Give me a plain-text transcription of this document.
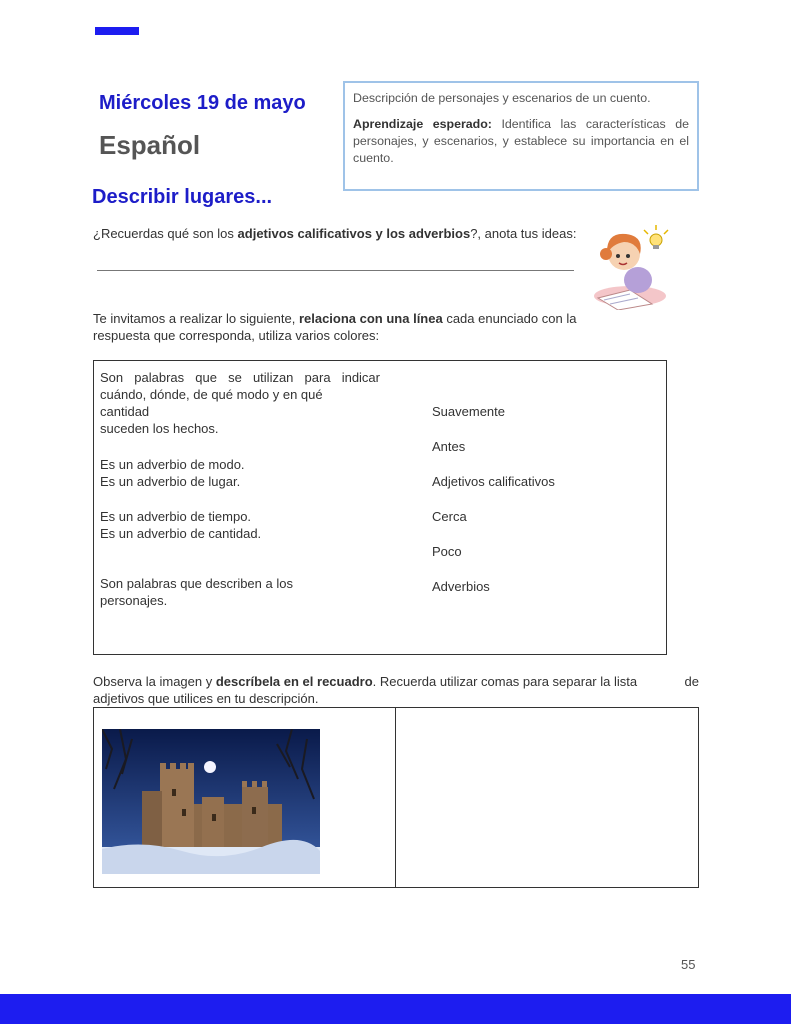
Miércoles 19 de mayo
Español

Descripción de personajes y escenarios de un cuento.

Aprendizaje esperado: Identifica las características de personajes, y escenarios, y establece su importancia en el cuento.

Describir lugares...
¿Recuerdas qué son los adjetivos calificativos y los adverbios?, anota tus ideas:
Te invitamos a realizar lo siguiente, relaciona con una línea cada enunciado con la respuesta que corresponda, utiliza varios colores:
Son palabras que se utilizan para indicar cuándo, dónde, de qué modo y en qué
cantidad
suceden los hechos.
Es un adverbio de modo.
Es un adverbio de lugar.
Es un adverbio de tiempo.
Es un adverbio de cantidad.
Son palabras que describen a los personajes.
Suavemente
Antes
Adjetivos calificativos
Cerca
Poco
Adverbios
Observa la imagen y descríbela en el recuadro. Recuerda utilizar comas para separar la lista	de
adjetivos que utilices en tu descripción.
55
